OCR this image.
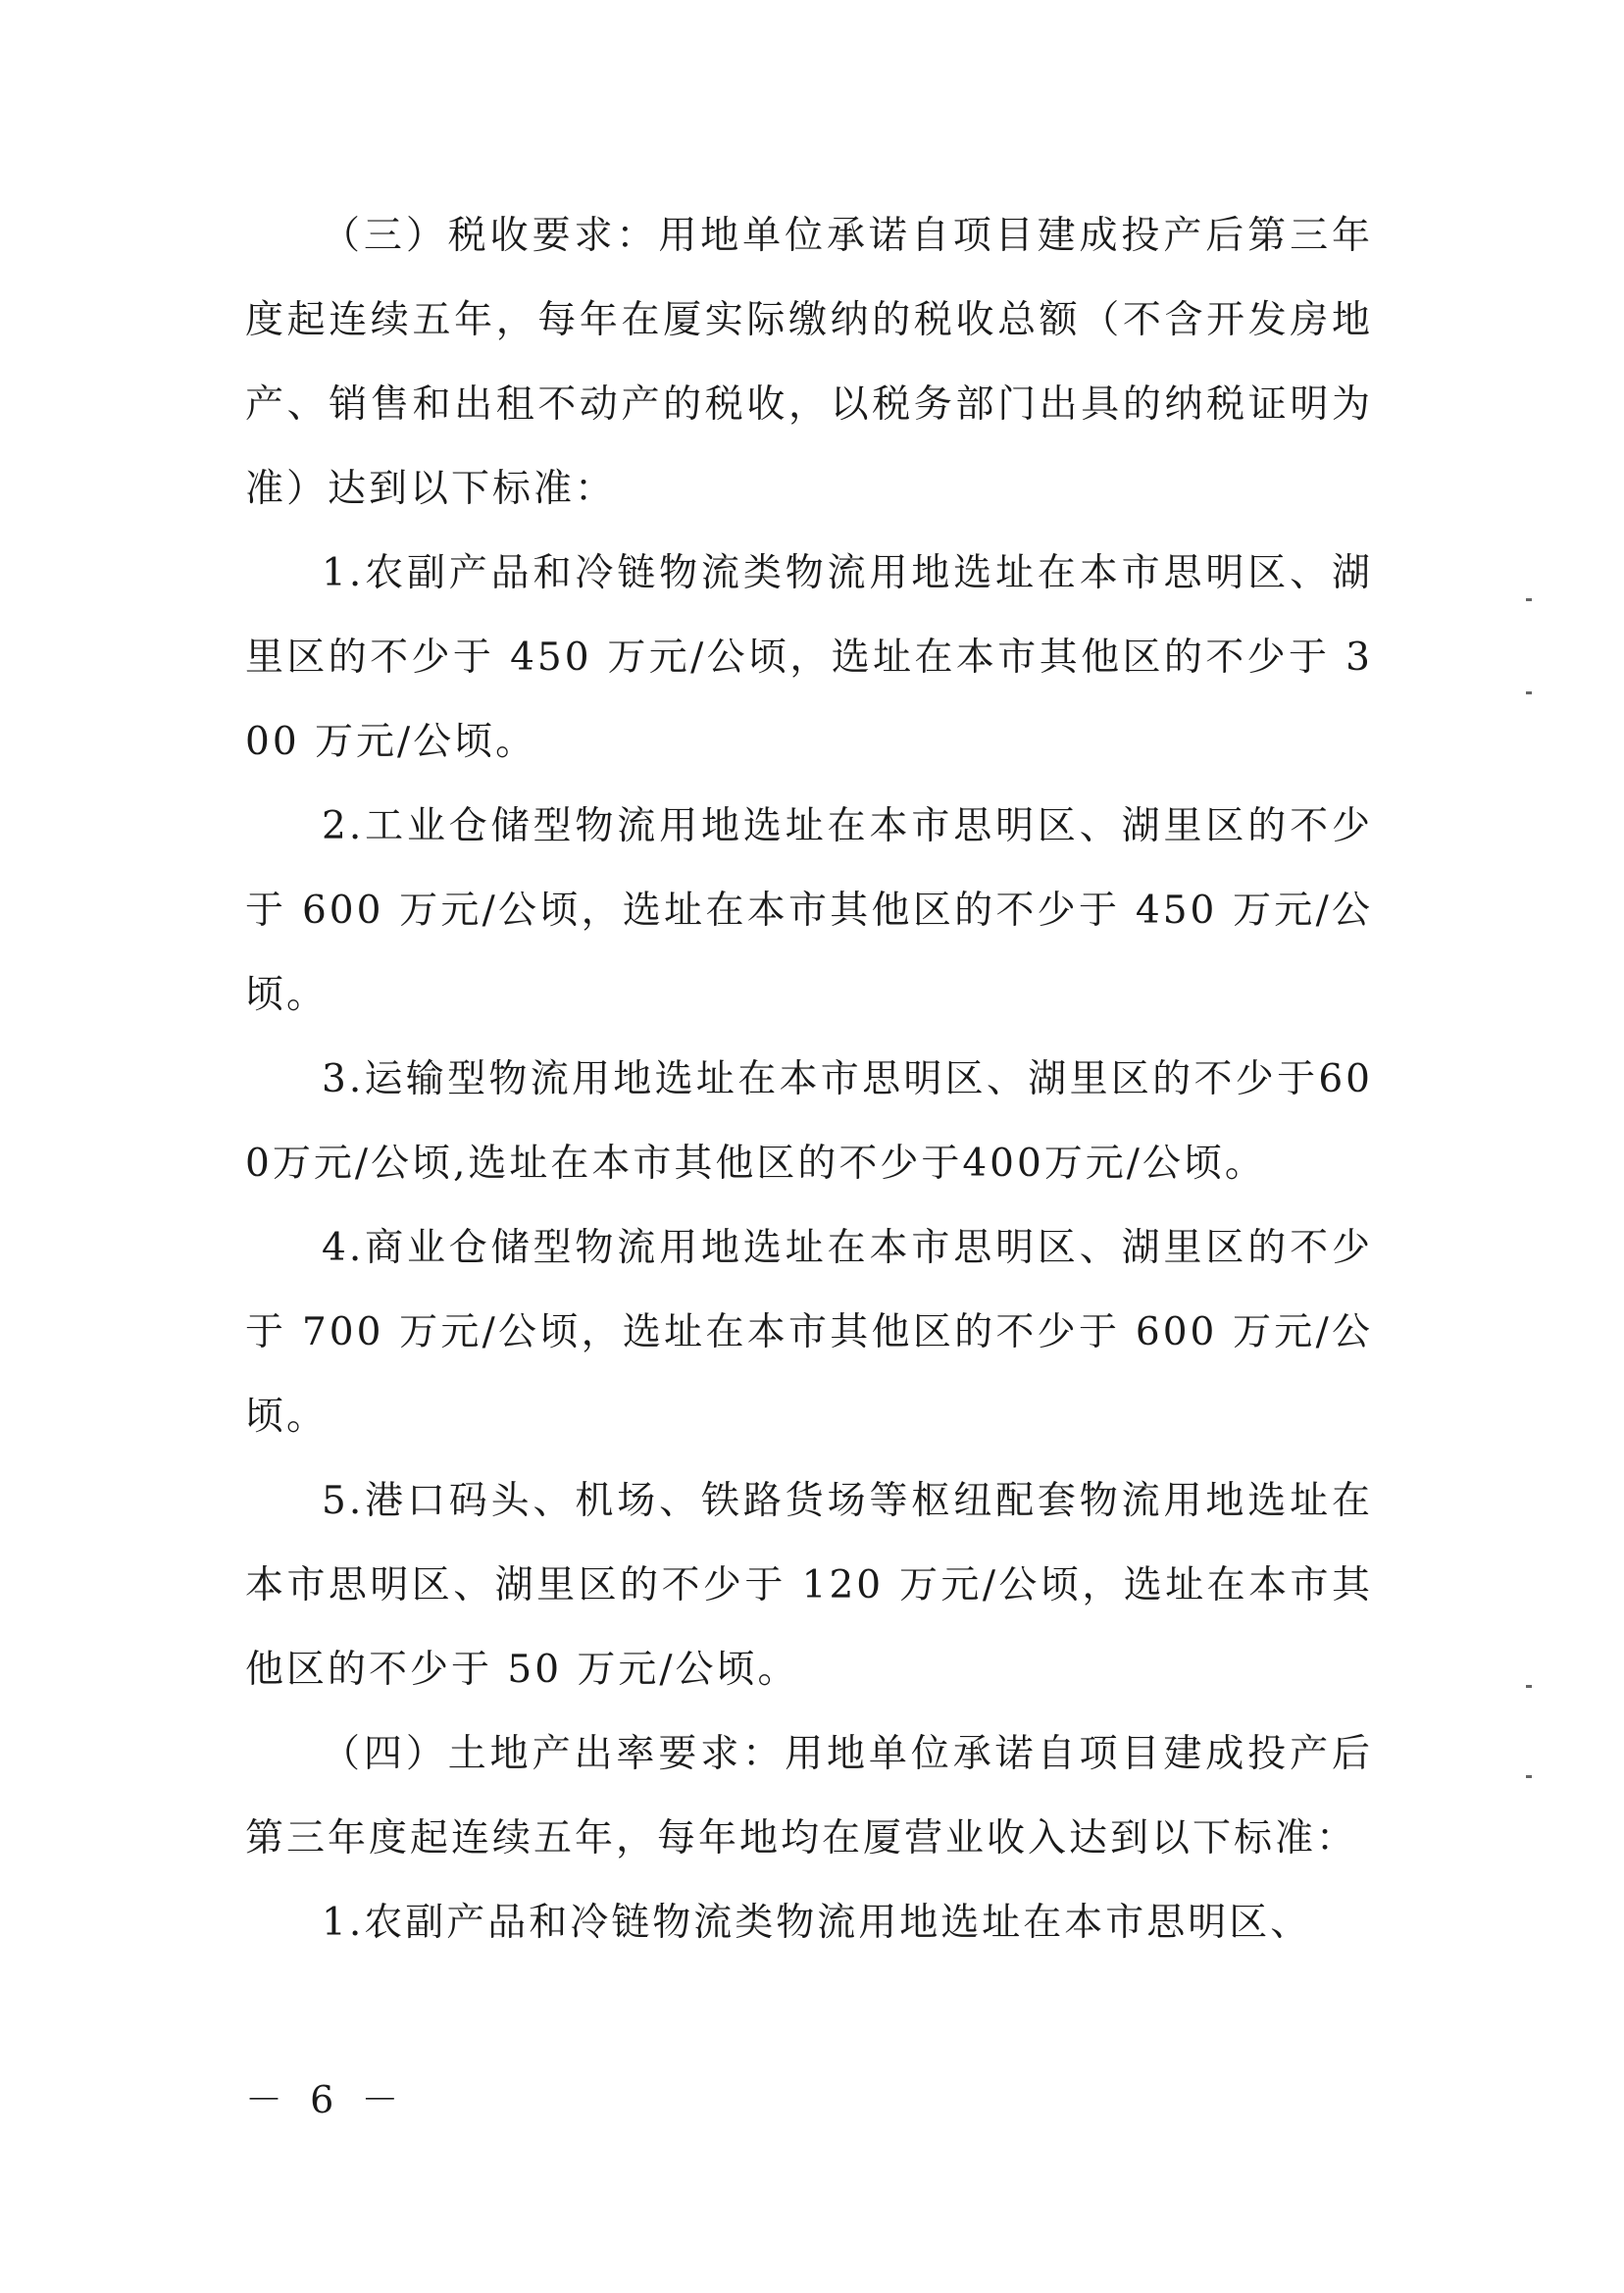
（三）税收要求：用地单位承诺自项目建成投产后第三年度起连续五年，每年在厦实际缴纳的税收总额（不含开发房地产、销售和出租不动产的税收，以税务部门出具的纳税证明为准）达到以下标准：

1.农副产品和冷链物流类物流用地选址在本市思明区、湖里区的不少于 450 万元/公顷，选址在本市其他区的不少于 300 万元/公顷。

2.工业仓储型物流用地选址在本市思明区、湖里区的不少于 600 万元/公顷，选址在本市其他区的不少于 450 万元/公顷。

3.运输型物流用地选址在本市思明区、湖里区的不少于600万元/公顷,选址在本市其他区的不少于400万元/公顷。

4.商业仓储型物流用地选址在本市思明区、湖里区的不少于 700 万元/公顷，选址在本市其他区的不少于 600 万元/公顷。

5.港口码头、机场、铁路货场等枢纽配套物流用地选址在本市思明区、湖里区的不少于 120 万元/公顷，选址在本市其他区的不少于 50 万元/公顷。

（四）土地产出率要求：用地单位承诺自项目建成投产后第三年度起连续五年，每年地均在厦营业收入达到以下标准：

1.农副产品和冷链物流类物流用地选址在本市思明区、

－ 6 －
